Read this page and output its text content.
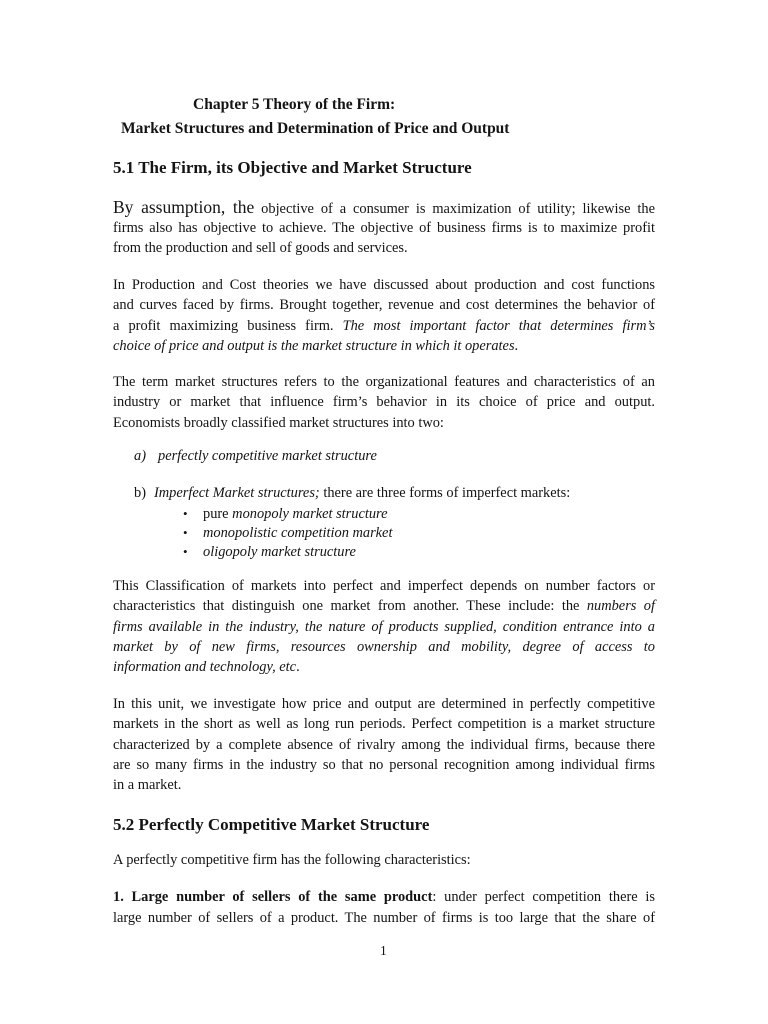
Chapter 5 Theory of the Firm:
Market Structures and Determination of Price and Output
5.1 The Firm, its Objective and Market Structure
By assumption, the objective of a consumer is maximization of utility; likewise the
firms also has objective to achieve. The objective of business firms is to maximize profit
from the production and sell of goods and services.
In Production and Cost theories we have discussed about production and cost functions
and curves faced by firms. Brought together, revenue and cost determines the behavior of
a profit maximizing business firm. The most important factor that determines firm’s
choice of price and output is the market structure in which it operates.
The term market structures refers to the organizational features and characteristics of an
industry or market that influence firm’s behavior in its choice of price and output.
Economists broadly classified market structures into two:
a) perfectly competitive market structure
b) Imperfect Market structures; there are three forms of imperfect markets:
• pure monopoly market structure
• monopolistic competition market
• oligopoly market structure
This Classification of markets into perfect and imperfect depends on number factors or
characteristics that distinguish one market from another. These include: the numbers of
firms available in the industry, the nature of products supplied, condition entrance into a
market by of new firms, resources ownership and mobility, degree of access to
information and technology, etc.
In this unit, we investigate how price and output are determined in perfectly competitive
markets in the short as well as long run periods. Perfect competition is a market structure
characterized by a complete absence of rivalry among the individual firms, because there
are so many firms in the industry so that no personal recognition among individual firms
in a market.
5.2 Perfectly Competitive Market Structure
A perfectly competitive firm has the following characteristics:
1. Large number of sellers of the same product: under perfect competition there is
large number of sellers of a product. The number of firms is too large that the share of
1
